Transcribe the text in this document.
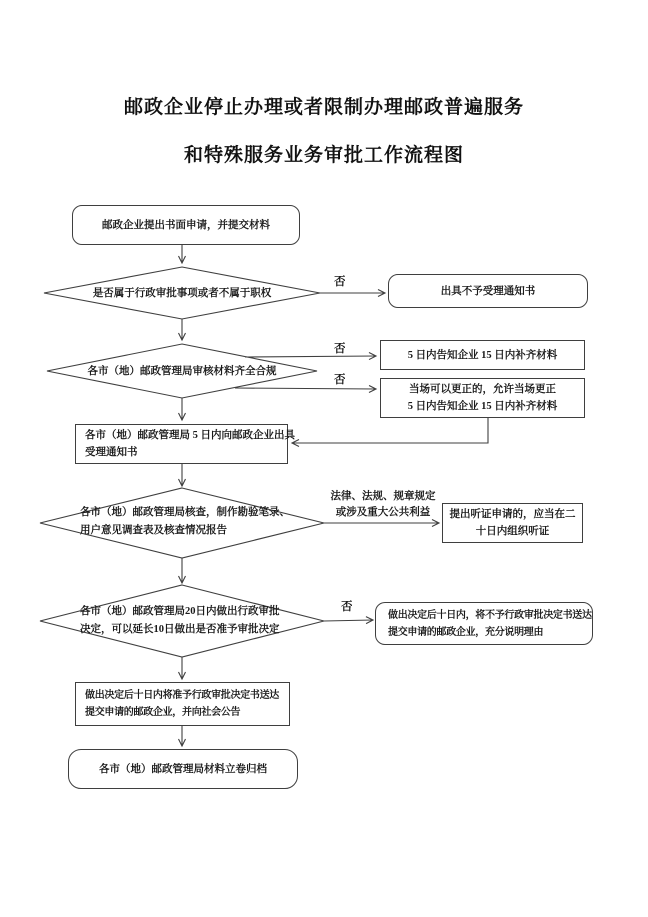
邮政企业停止办理或者限制办理邮政普遍服务
和特殊服务业务审批工作流程图
邮政企业提出书面申请，并提交材料
是否属于行政审批事项或者不属于职权
各市（地）邮政管理局审核材料齐全合规
各市（地）邮政管理局 5 日内向邮政企业出具
受理通知书
各市（地）邮政管理局核查，制作勘验笔录、
用户意见调查表及核查情况报告
各市（地）邮政管理局20日内做出行政审批
决定，可以延长10日做出是否准予审批决定
做出决定后十日内将准予行政审批决定书送达
提交申请的邮政企业，并向社会公告
各市（地）邮政管理局材料立卷归档
出具不予受理通知书
5 日内告知企业 15 日内补齐材料
当场可以更正的，允许当场更正
5 日内告知企业 15 日内补齐材料
提出听证申请的，应当在二
十日内组织听证
做出决定后十日内，将不予行政审批决定书送达
提交申请的邮政企业，充分说明理由
否
否
否
否
法律、法规、规章规定
或涉及重大公共利益
